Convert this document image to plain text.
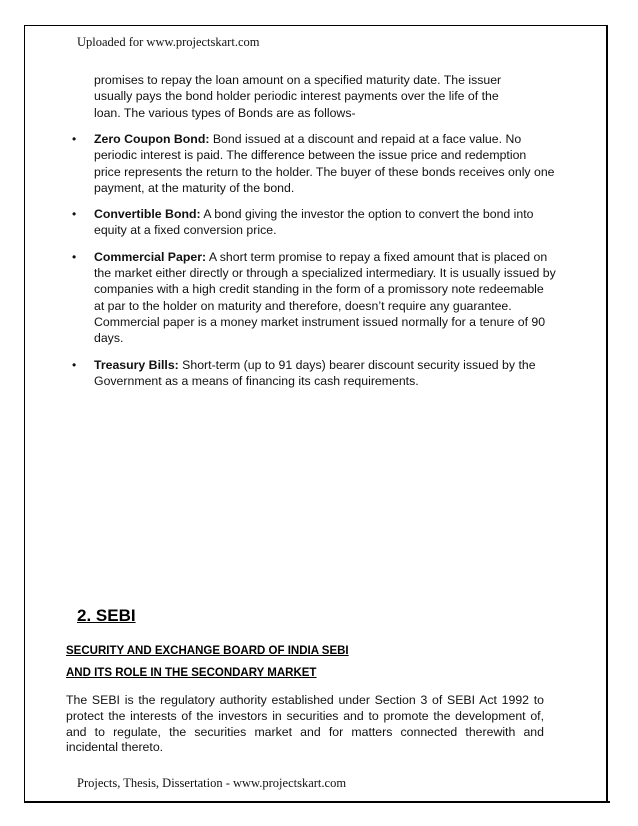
Uploaded for www.projectskart.com
promises to repay the loan amount on a specified maturity date. The issuer usually pays the bond holder periodic interest payments over the life of the loan. The various types of Bonds are as follows-
• Zero Coupon Bond: Bond issued at a discount and repaid at a face value. No periodic interest is paid. The difference between the issue price and redemption price represents the return to the holder. The buyer of these bonds receives only one payment, at the maturity of the bond.
• Convertible Bond: A bond giving the investor the option to convert the bond into equity at a fixed conversion price.
• Commercial Paper: A short term promise to repay a fixed amount that is placed on the market either directly or through a specialized intermediary. It is usually issued by companies with a high credit standing in the form of a promissory note redeemable at par to the holder on maturity and therefore, doesn’t require any guarantee. Commercial paper is a money market instrument issued normally for a tenure of 90 days.
• Treasury Bills: Short-term (up to 91 days) bearer discount security issued by the Government as a means of financing its cash requirements.
2. SEBI
SECURITY AND EXCHANGE BOARD OF INDIA SEBI
AND ITS ROLE IN THE SECONDARY MARKET
The SEBI is the regulatory authority established under Section 3 of SEBI Act 1992 to protect the interests of the investors in securities and to promote the development of, and to regulate, the securities market and for matters connected therewith and incidental thereto.
Projects, Thesis, Dissertation - www.projectskart.com
